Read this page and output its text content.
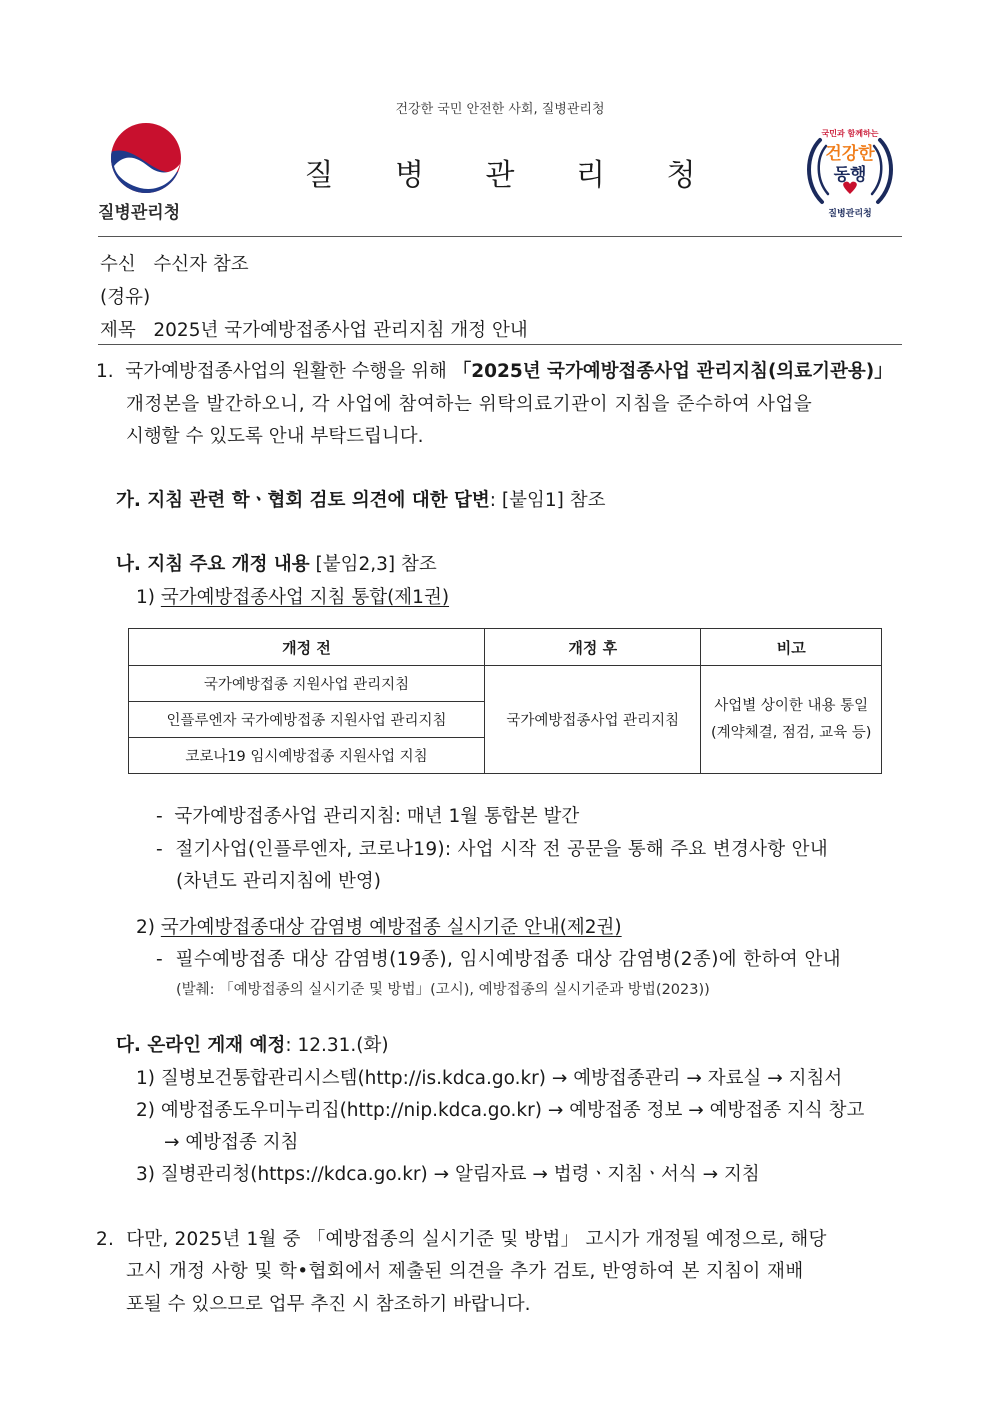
건강한 국민 안전한 사회, 질병관리청
질병관리청
질 병 관 리 청
국민과 함께하는
건강한
동행
질병관리청
수신   수신자 참조
(경유)
제목   2025년 국가예방접종사업 관리지침 개정 안내
1.  국가예방접종사업의 원활한 수행을 위해 「2025년 국가예방접종사업 관리지침(의료기관용)」
개정본을 발간하오니, 각 사업에 참여하는 위탁의료기관이 지침을 준수하여 사업을
시행할 수 있도록 안내 부탁드립니다.
가. 지침 관련 학ㆍ협회 검토 의견에 대한 답변: [붙임1] 참조
나. 지침 주요 개정 내용 [붙임2,3] 참조
1) 국가예방접종사업 지침 통합(제1권)
개정 전	개정 후	비고
국가예방접종 지원사업 관리지침	국가예방접종사업 관리지침	사업별 상이한 내용 통일
(계약체결, 점검, 교육 등)

인플루엔자 국가예방접종 지원사업 관리지침		
코로나19 임시예방접종 지원사업 지침		
-  국가예방접종사업 관리지침: 매년 1월 통합본 발간
-  절기사업(인플루엔자, 코로나19): 사업 시작 전 공문을 통해 주요 변경사항 안내
(차년도 관리지침에 반영)
2) 국가예방접종대상 감염병 예방접종 실시기준 안내(제2권)
-  필수예방접종 대상 감염병(19종), 임시예방접종 대상 감염병(2종)에 한하여 안내
(발췌: 「예방접종의 실시기준 및 방법」(고시), 예방접종의 실시기준과 방법(2023))
다. 온라인 게재 예정: 12.31.(화)
1) 질병보건통합관리시스템(http://is.kdca.go.kr) → 예방접종관리 → 자료실 → 지침서
2) 예방접종도우미누리집(http://nip.kdca.go.kr) → 예방접종 정보 → 예방접종 지식 창고
→ 예방접종 지침
3) 질병관리청(https://kdca.go.kr) → 알림자료 → 법령ㆍ지침ㆍ서식 → 지침
2.  다만, 2025년 1월 중 「예방접종의 실시기준 및 방법」 고시가 개정될 예정으로, 해당
고시 개정 사항 및 학•협회에서 제출된 의견을 추가 검토, 반영하여 본 지침이 재배
포될 수 있으므로 업무 추진 시 참조하기 바랍니다.
